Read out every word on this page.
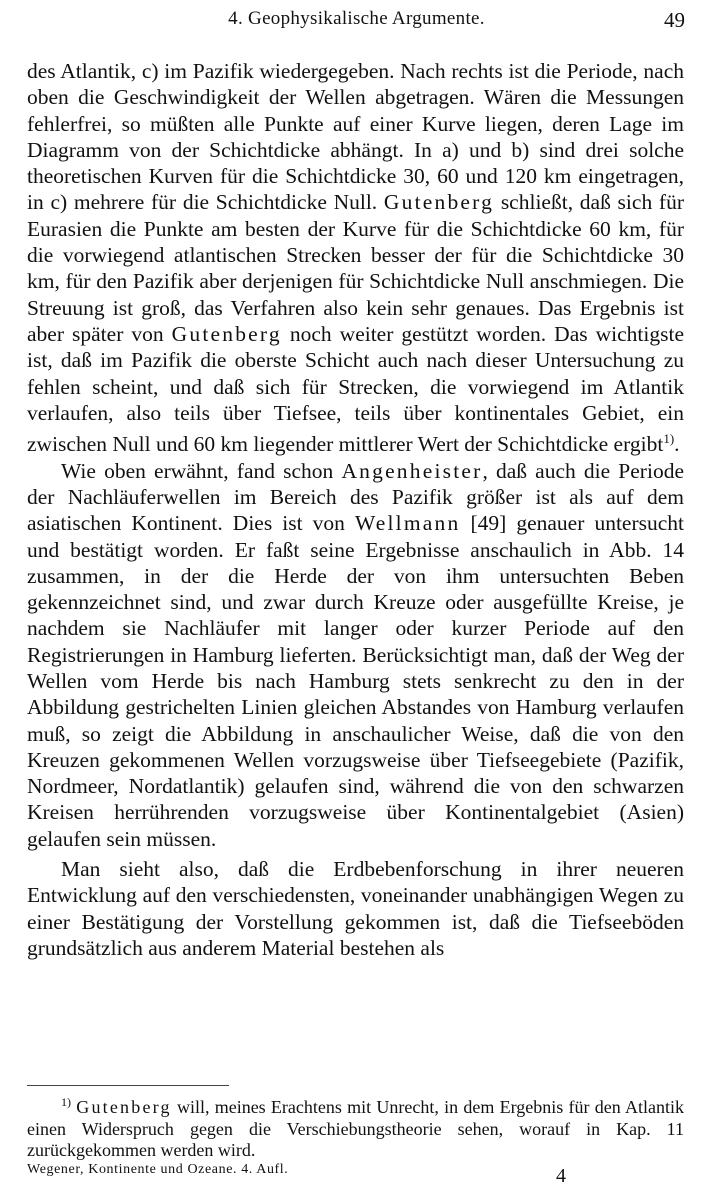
4. Geophysikalische Argumente.	49

des Atlantik, c) im Pazifik wiedergegeben. Nach rechts ist die Periode, nach oben die Geschwindigkeit der Wellen abgetragen. Wären die Messungen fehlerfrei, so müßten alle Punkte auf einer Kurve liegen, deren Lage im Diagramm von der Schichtdicke abhängt. In a) und b) sind drei solche theoretischen Kurven für die Schichtdicke 30, 60 und 120 km eingetragen, in c) mehrere für die Schichtdicke Null. Gutenberg schließt, daß sich für Eurasien die Punkte am besten der Kurve für die Schichtdicke 60 km, für die vorwiegend atlantischen Strecken besser der für die Schichtdicke 30 km, für den Pazifik aber derjenigen für Schichtdicke Null anschmiegen. Die Streuung ist groß, das Verfahren also kein sehr genaues. Das Ergebnis ist aber später von Gutenberg noch weiter gestützt worden. Das wichtigste ist, daß im Pazifik die oberste Schicht auch nach dieser Untersuchung zu fehlen scheint, und daß sich für Strecken, die vorwiegend im Atlantik verlaufen, also teils über Tiefsee, teils über kontinentales Gebiet, ein zwischen Null und 60 km liegender mittlerer Wert der Schichtdicke ergibt$^{1)}$.

Wie oben erwähnt, fand schon Angenheister, daß auch die Periode der Nachläuferwellen im Bereich des Pazifik größer ist als auf dem asiatischen Kontinent. Dies ist von Wellmann [49] genauer untersucht und bestätigt worden. Er faßt seine Ergebnisse anschaulich in Abb. 14 zusammen, in der die Herde der von ihm untersuchten Beben gekennzeichnet sind, und zwar durch Kreuze oder ausgefüllte Kreise, je nachdem sie Nachläufer mit langer oder kurzer Periode auf den Registrierungen in Hamburg lieferten. Berücksichtigt man, daß der Weg der Wellen vom Herde bis nach Hamburg stets senkrecht zu den in der Abbildung gestrichelten Linien gleichen Abstandes von Hamburg verlaufen muß, so zeigt die Abbildung in anschaulicher Weise, daß die von den Kreuzen gekommenen Wellen vorzugsweise über Tiefseegebiete (Pazifik, Nordmeer, Nordatlantik) gelaufen sind, während die von den schwarzen Kreisen herrührenden vorzugsweise über Kontinentalgebiet (Asien) gelaufen sein müssen.

Man sieht also, daß die Erdbebenforschung in ihrer neueren Entwicklung auf den verschiedensten, voneinander unabhängigen Wegen zu einer Bestätigung der Vorstellung gekommen ist, daß die Tiefseeböden grundsätzlich aus anderem Material bestehen als

$^{1)}$ Gutenberg will, meines Erachtens mit Unrecht, in dem Ergebnis für den Atlantik einen Widerspruch gegen die Verschiebungstheorie sehen, worauf in Kap. 11 zurückgekommen werden wird.

Wegener, Kontinente und Ozeane. 4. Aufl.	4
